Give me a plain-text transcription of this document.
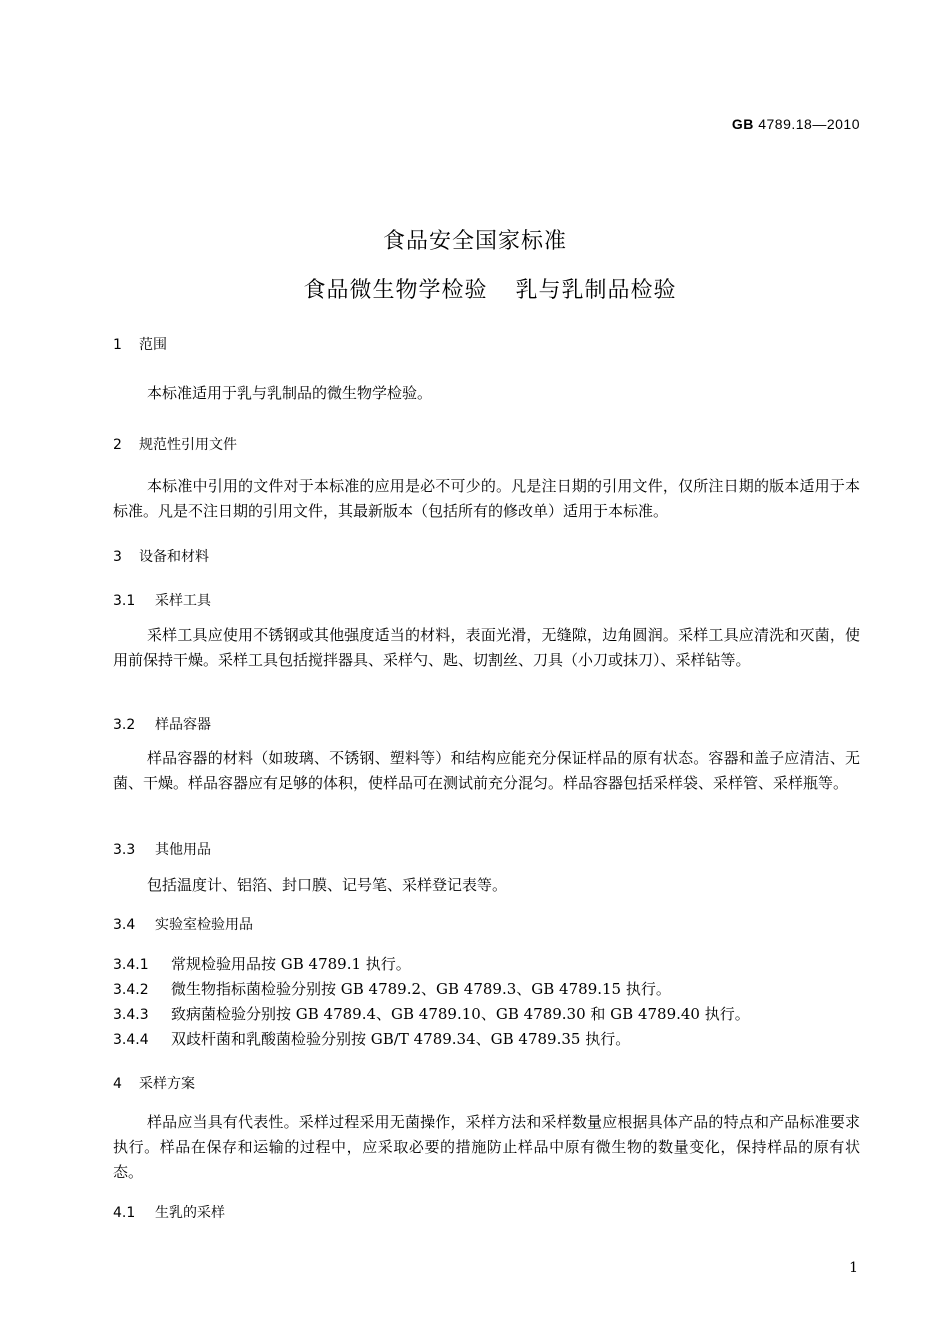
GB 4789.18—2010
食品安全国家标准
食品微生物学检验 乳与乳制品检验
1 范围
本标准适用于乳与乳制品的微生物学检验。
2 规范性引用文件
本标准中引用的文件对于本标准的应用是必不可少的。凡是注日期的引用文件，仅所注日期的版本适用于本标准。凡是不注日期的引用文件，其最新版本（包括所有的修改单）适用于本标准。
3 设备和材料
3.1 采样工具
采样工具应使用不锈钢或其他强度适当的材料，表面光滑，无缝隙，边角圆润。采样工具应清洗和灭菌，使用前保持干燥。采样工具包括搅拌器具、采样勺、匙、切割丝、刀具（小刀或抹刀）、采样钻等。
3.2 样品容器
样品容器的材料（如玻璃、不锈钢、塑料等）和结构应能充分保证样品的原有状态。容器和盖子应清洁、无菌、干燥。样品容器应有足够的体积，使样品可在测试前充分混匀。样品容器包括采样袋、采样管、采样瓶等。
3.3 其他用品
包括温度计、铝箔、封口膜、记号笔、采样登记表等。
3.4 实验室检验用品
3.4.1 常规检验用品按 GB 4789.1 执行。
3.4.2 微生物指标菌检验分别按 GB 4789.2、GB 4789.3、GB 4789.15 执行。
3.4.3 致病菌检验分别按 GB 4789.4、GB 4789.10、GB 4789.30 和 GB 4789.40 执行。
3.4.4 双歧杆菌和乳酸菌检验分别按 GB/T 4789.34、GB 4789.35 执行。
4 采样方案
样品应当具有代表性。采样过程采用无菌操作，采样方法和采样数量应根据具体产品的特点和产品标准要求执行。样品在保存和运输的过程中，应采取必要的措施防止样品中原有微生物的数量变化，保持样品的原有状态。
4.1 生乳的采样
1
